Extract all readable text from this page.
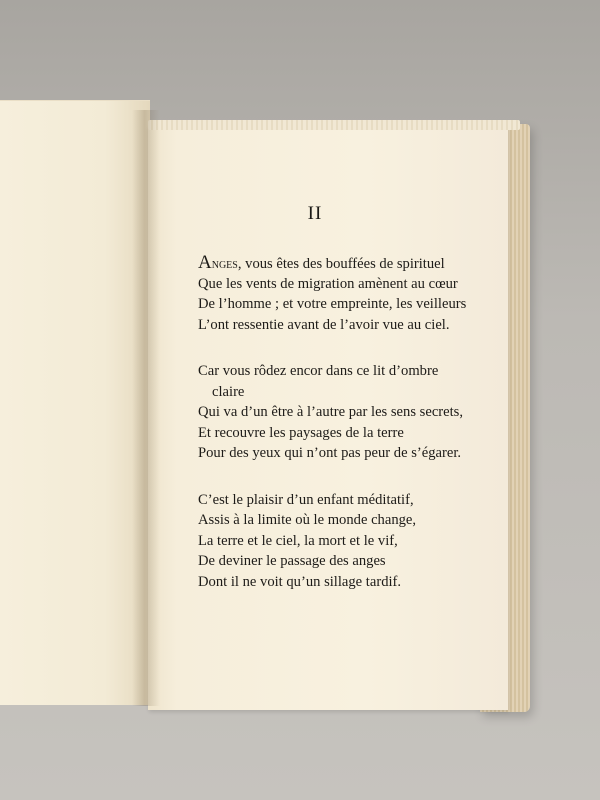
II
Anges, vous êtes des bouffées de spirituel
Que les vents de migration amènent au cœur
De l’homme ; et votre empreinte, les veilleurs
L’ont ressentie avant de l’avoir vue au ciel.
Car vous rôdez encor dans ce lit d’ombre
claire
Qui va d’un être à l’autre par les sens secrets,
Et recouvre les paysages de la terre
Pour des yeux qui n’ont pas peur de s’égarer.
C’est le plaisir d’un enfant méditatif,
Assis à la limite où le monde change,
La terre et le ciel, la mort et le vif,
De deviner le passage des anges
Dont il ne voit qu’un sillage tardif.
